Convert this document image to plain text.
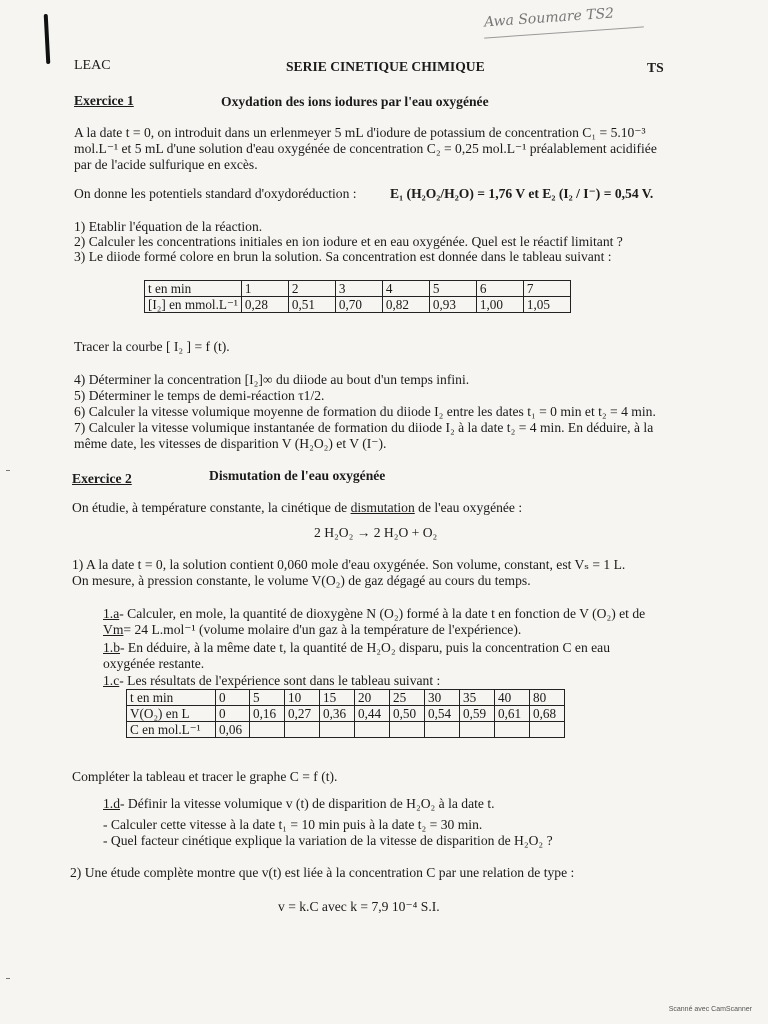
Awa Soumare TS2
LEAC	SERIE CINETIQUE CHIMIQUE	TS
Exercice 1	Oxydation des ions iodures par l'eau oxygénée
A la date t = 0, on introduit dans un erlenmeyer 5 mL d'iodure de potassium de concentration C₁ = 5.10⁻³
mol.L⁻¹ et 5 mL d'une solution d'eau oxygénée de concentration C₂ = 0,25 mol.L⁻¹ préalablement acidifiée
par de l'acide sulfurique en excès.
On donne les potentiels standard d'oxydoréduction : E₁ (H₂O₂/H₂O) = 1,76 V et E₂ (I₂ / I⁻) = 0,54 V.
1) Etablir l'équation de la réaction.
2) Calculer les concentrations initiales en ion iodure et en eau oxygénée. Quel est le réactif limitant ?
3) Le diiode formé colore en brun la solution. Sa concentration est donnée dans le tableau suivant :
t en min	1	2	3	4	5	6	7
[I₂] en mmol.L⁻¹	0,28	0,51	0,70	0,82	0,93	1,00	1,05
Tracer la courbe [ I₂ ] = f (t).
4) Déterminer la concentration [I₂]∞ du diiode au bout d'un temps infini.
5) Déterminer le temps de demi-réaction τ1/2.
6) Calculer la vitesse volumique moyenne de formation du diiode I₂ entre les dates t₁ = 0 min et t₂ = 4 min.
7) Calculer la vitesse volumique instantanée de formation du diiode I₂ à la date t₂ = 4 min. En déduire, à la
même date, les vitesses de disparition V (H₂O₂) et V (I⁻).
Exercice 2	Dismutation de l'eau oxygénée
On étudie, à température constante, la cinétique de dismutation de l'eau oxygénée :
2 H₂O₂ → 2 H₂O + O₂
1) A la date t = 0, la solution contient 0,060 mole d'eau oxygénée. Son volume, constant, est Vₛ = 1 L.
On mesure, à pression constante, le volume V(O₂) de gaz dégagé au cours du temps.
1.a- Calculer, en mole, la quantité de dioxygène N (O₂) formé à la date t en fonction de V (O₂) et de
Vm= 24 L.mol⁻¹ (volume molaire d'un gaz à la température de l'expérience).
1.b- En déduire, à la même date t, la quantité de H₂O₂ disparu, puis la concentration C en eau
oxygénée restante.
1.c- Les résultats de l'expérience sont dans le tableau suivant :
t en min	0	5	10	15	20	25	30	35	40	80
V(O₂) en L	0	0,16	0,27	0,36	0,44	0,50	0,54	0,59	0,61	0,68
C en mol.L⁻¹	0,06									
Compléter la tableau et tracer le graphe C = f (t).
1.d- Définir la vitesse volumique v (t) de disparition de H₂O₂ à la date t.
- Calculer cette vitesse à la date t₁ = 10 min puis à la date t₂ = 30 min.
- Quel facteur cinétique explique la variation de la vitesse de disparition de H₂O₂ ?
2) Une étude complète montre que v(t) est liée à la concentration C par une relation de type :
v = k.C avec k = 7,9 10⁻⁴ S.I.
Scanné avec CamScanner
